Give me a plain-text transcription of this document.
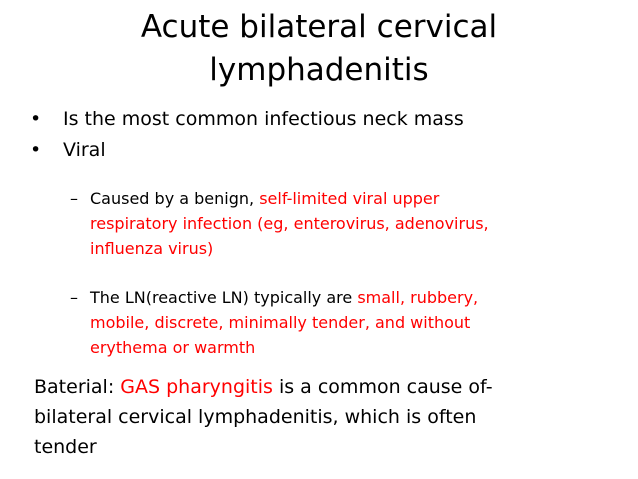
Acute bilateral cervical
lymphadenitis
•	Is the most common infectious neck mass
•	Viral
– Caused by a benign, self-limited viral upper
respiratory infection (eg, enterovirus, adenovirus,
influenza virus)
– The LN(reactive LN) typically are small, rubbery,
mobile, discrete, minimally tender, and without
erythema or warmth
Baterial: GAS pharyngitis is a common cause of-
bilateral cervical lymphadenitis, which is often
tender
